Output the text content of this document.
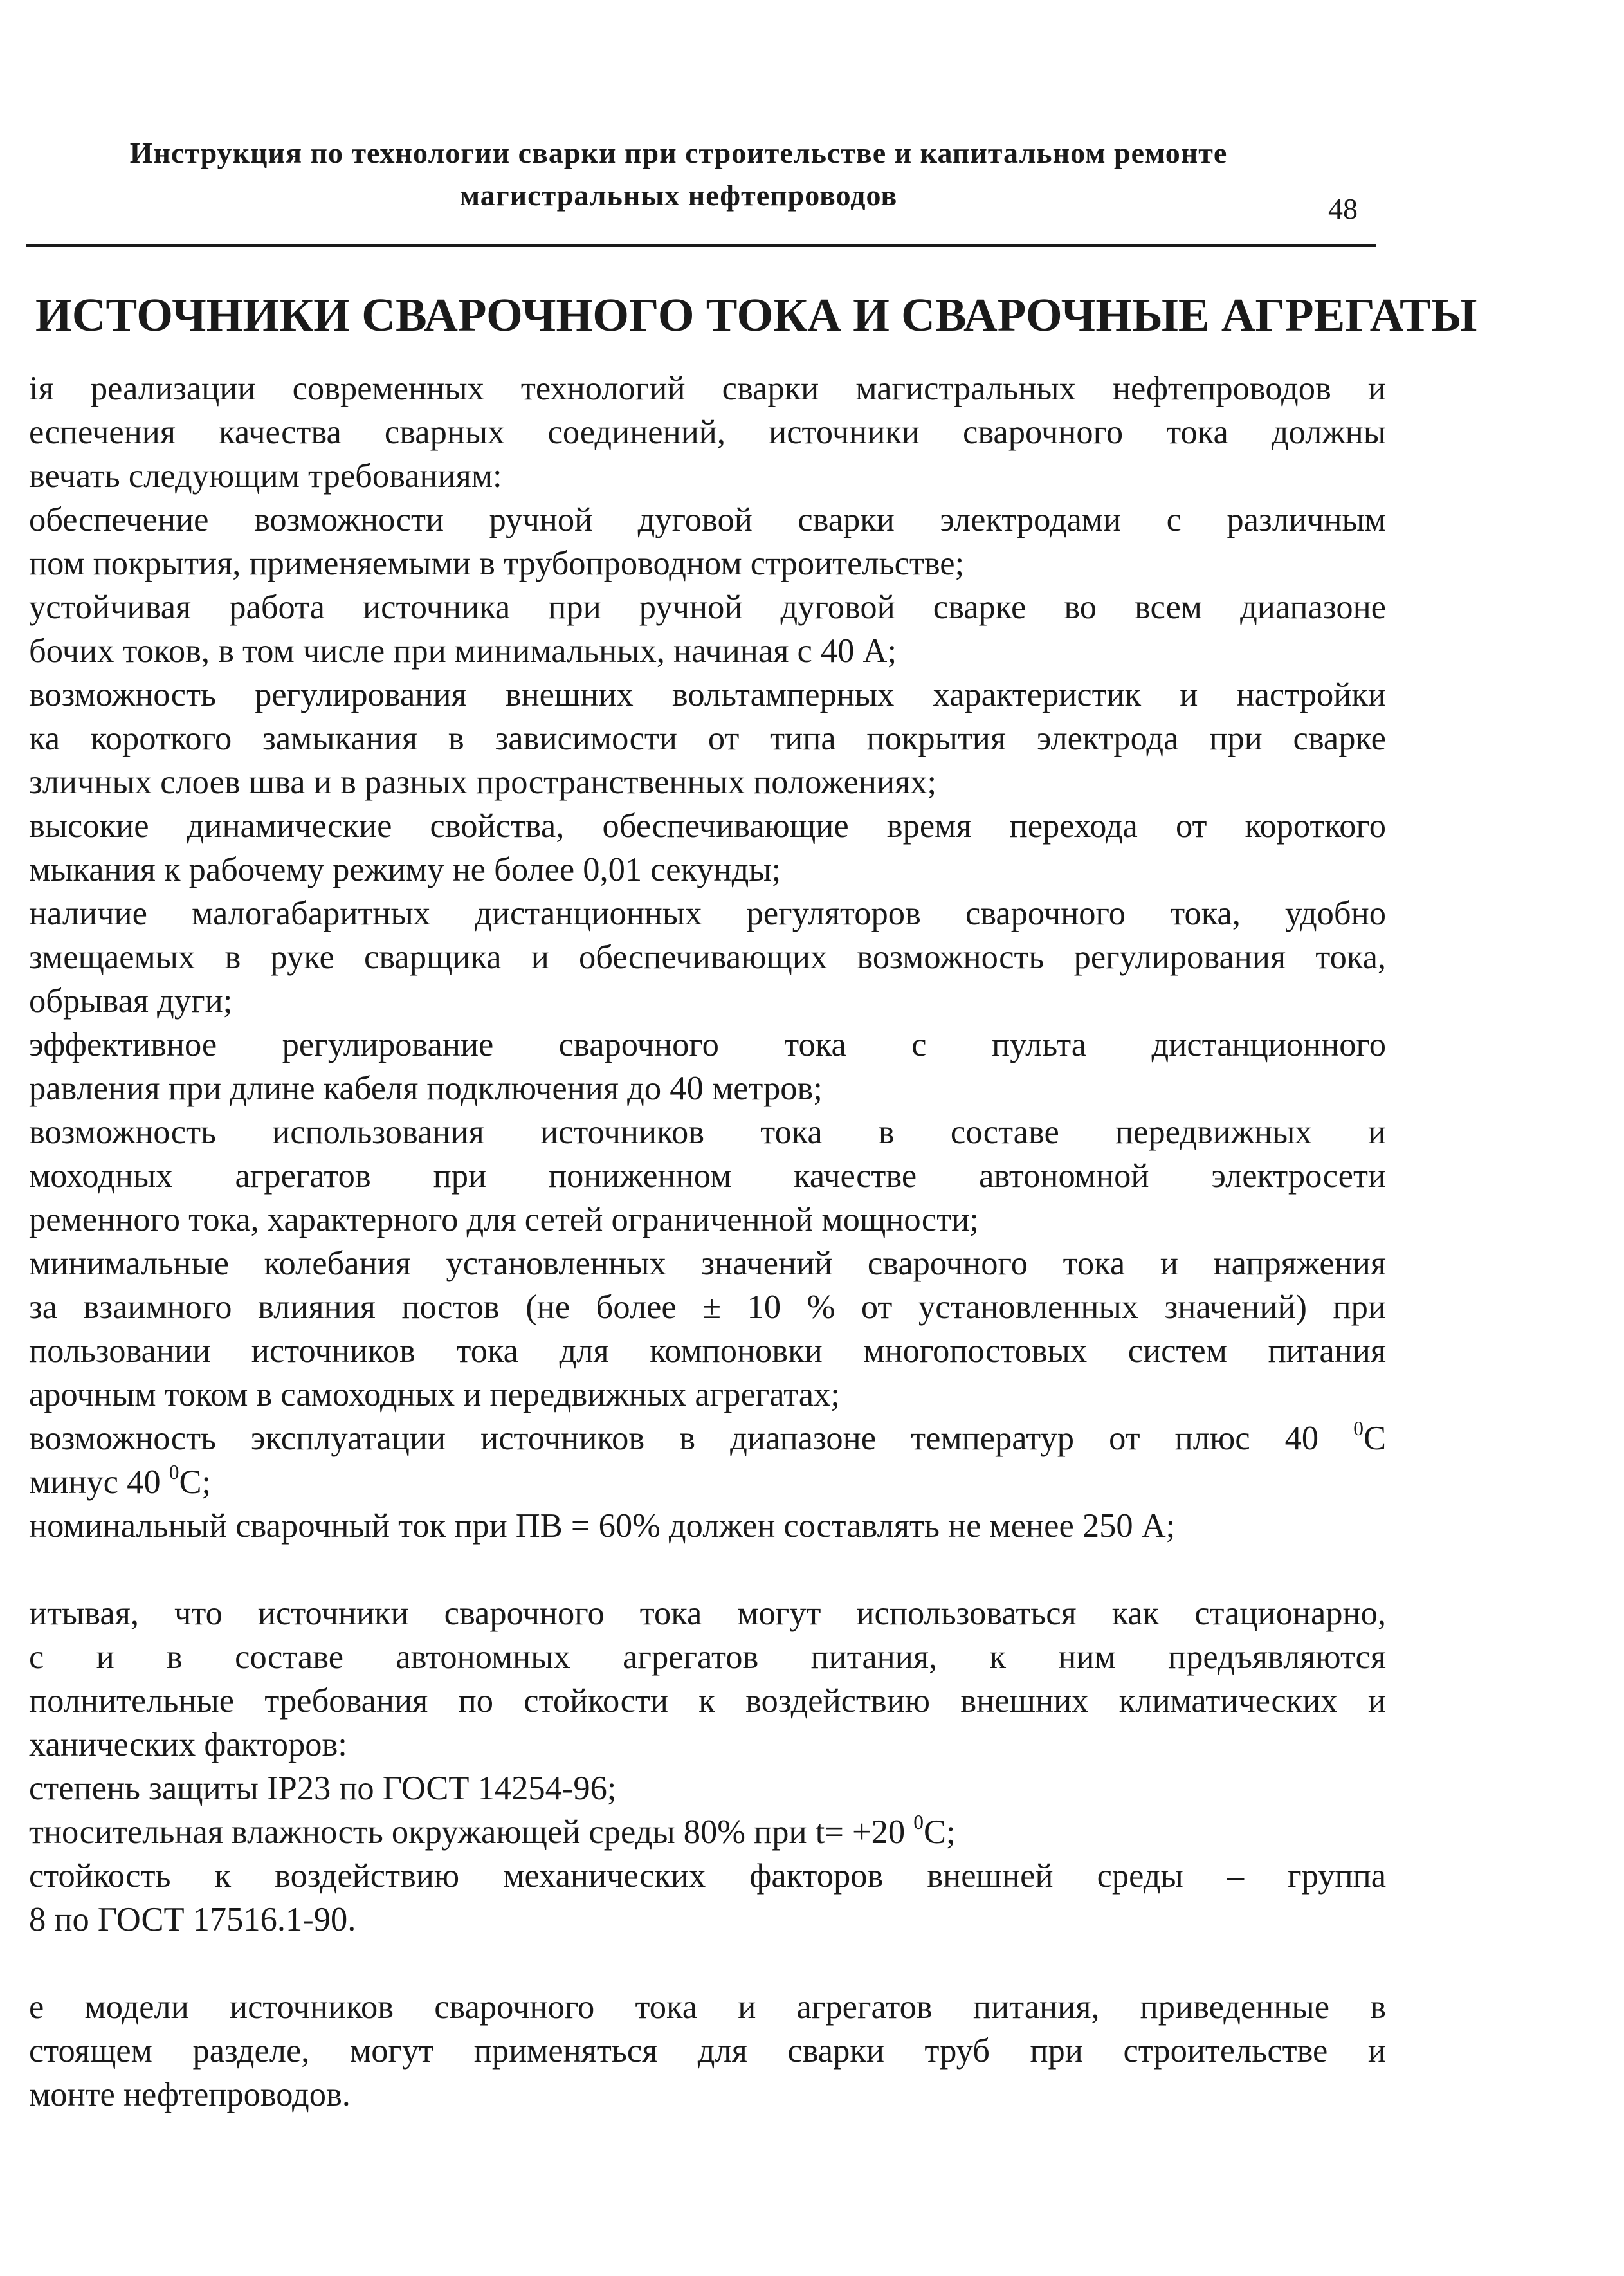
Инструкция по технологии сварки при строительстве и капитальном ремонте
магистральных нефтепроводов	48
ИСТОЧНИКИ СВАРОЧНОГО ТОКА И СВАРОЧНЫЕ АГРЕГАТЫ
ія реализации современных технологий сварки магистральных нефтепроводов и
еспечения качества сварных соединений, источники сварочного тока должны
вечать следующим требованиям:
обеспечение возможности ручной дуговой сварки электродами с различным
пом покрытия, применяемыми в трубопроводном строительстве;
устойчивая работа источника при ручной дуговой сварке во всем диапазоне
бочих токов, в том числе при минимальных, начиная с 40 А;
возможность регулирования внешних вольтамперных характеристик и настройки
ка короткого замыкания в зависимости от типа покрытия электрода при сварке
зличных слоев шва и в разных пространственных положениях;
высокие динамические свойства, обеспечивающие время перехода от короткого
мыкания к рабочему режиму не более 0,01 секунды;
наличие малогабаритных дистанционных регуляторов сварочного тока, удобно
змещаемых в руке сварщика и обеспечивающих возможность регулирования тока,
обрывая дуги;
эффективное регулирование сварочного тока с пульта дистанционного
равления при длине кабеля подключения до 40 метров;
возможность использования источников тока в составе передвижных и
моходных агрегатов при пониженном качестве автономной электросети
ременного тока, характерного для сетей ограниченной мощности;
минимальные колебания установленных значений сварочного тока и напряжения
за взаимного влияния постов (не более ± 10 % от установленных значений) при
пользовании источников тока для компоновки многопостовых систем питания
арочным током в самоходных и передвижных агрегатах;
возможность эксплуатации источников в диапазоне температур от плюс 40 $^0$С
минус 40 $^0$С;
номинальный сварочный ток при ПВ = 60% должен составлять не менее 250 А;
итывая, что источники сварочного тока могут использоваться как стационарно,
с и в составе автономных агрегатов питания, к ним предъявляются
полнительные требования по стойкости к воздействию внешних климатических и
ханических факторов:
степень защиты IP23 по ГОСТ 14254-96;
тносительная влажность окружающей среды 80% при t= +20 $^0$С;
стойкость к воздействию механических факторов внешней среды – группа
8 по ГОСТ 17516.1-90.
е модели источников сварочного тока и агрегатов питания, приведенные в
стоящем разделе, могут применяться для сварки труб при строительстве и
монте нефтепроводов.
